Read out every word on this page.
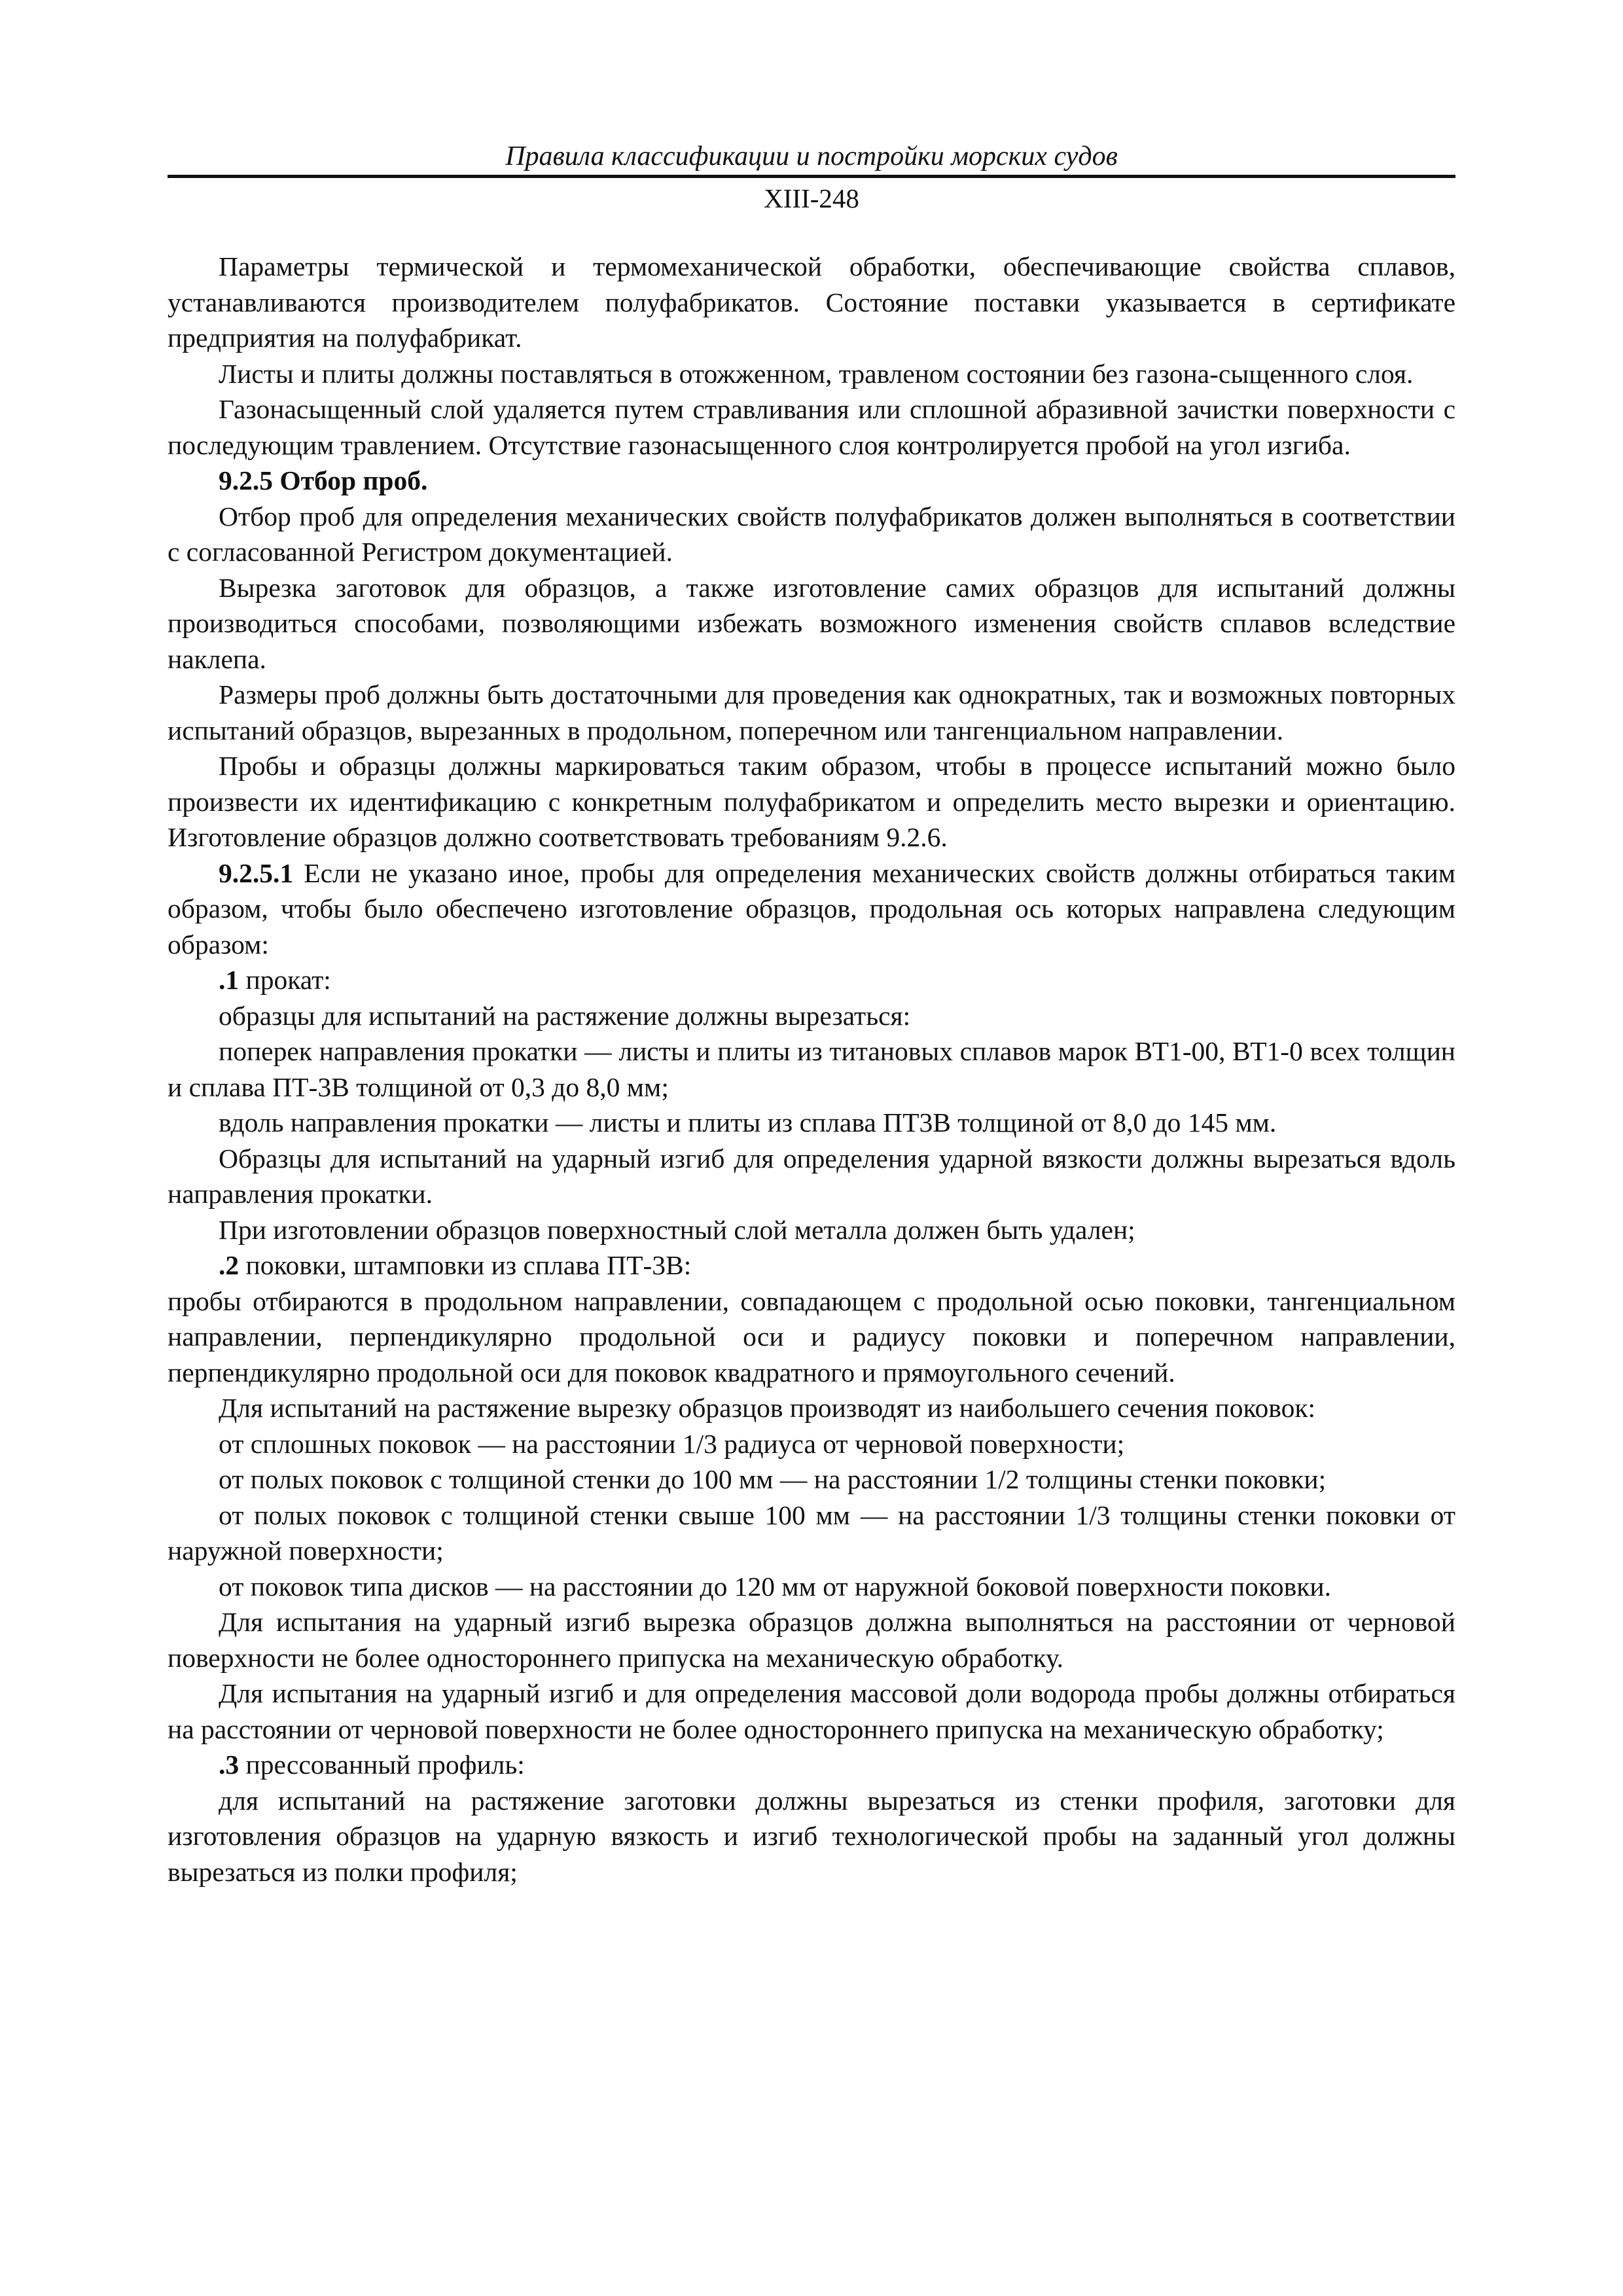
Правила классификации и постройки морских судов
XIII-248

Параметры термической и термомеханической обработки, обеспечивающие свойства сплавов, устанавливаются производителем полуфабрикатов. Состояние поставки указывается в сертификате предприятия на полуфабрикат.

Листы и плиты должны поставляться в отожженном, травленом состоянии без газона-сыщенного слоя.

Газонасыщенный слой удаляется путем стравливания или сплошной абразивной зачистки поверхности с последующим травлением. Отсутствие газонасыщенного слоя контролируется пробой на угол изгиба.

9.2.5 Отбор проб.

Отбор проб для определения механических свойств полуфабрикатов должен выполняться в соответствии с согласованной Регистром документацией.

Вырезка заготовок для образцов, а также изготовление самих образцов для испытаний должны производиться способами, позволяющими избежать возможного изменения свойств сплавов вследствие наклепа.

Размеры проб должны быть достаточными для проведения как однократных, так и возможных повторных испытаний образцов, вырезанных в продольном, поперечном или тангенциальном направлении.

Пробы и образцы должны маркироваться таким образом, чтобы в процессе испытаний можно было произвести их идентификацию с конкретным полуфабрикатом и определить место вырезки и ориентацию. Изготовление образцов должно соответствовать требованиям 9.2.6.

9.2.5.1 Если не указано иное, пробы для определения механических свойств должны отбираться таким образом, чтобы было обеспечено изготовление образцов, продольная ось которых направлена следующим образом:

.1 прокат:

образцы для испытаний на растяжение должны вырезаться:

поперек направления прокатки — листы и плиты из титановых сплавов марок ВТ1-00, ВТ1-0 всех толщин и сплава ПТ-3В толщиной от 0,3 до 8,0 мм;

вдоль направления прокатки — листы и плиты из сплава ПТ3В толщиной от 8,0 до 145 мм.

Образцы для испытаний на ударный изгиб для определения ударной вязкости должны вырезаться вдоль направления прокатки.

При изготовлении образцов поверхностный слой металла должен быть удален;

.2 поковки, штамповки из сплава ПТ-3В:

пробы отбираются в продольном направлении, совпадающем с продольной осью поковки, тангенциальном направлении, перпендикулярно продольной оси и радиусу поковки и поперечном направлении, перпендикулярно продольной оси для поковок квадратного и прямоугольного сечений.

Для испытаний на растяжение вырезку образцов производят из наибольшего сечения поковок:

от сплошных поковок — на расстоянии 1/3 радиуса от черновой поверхности;

от полых поковок с толщиной стенки до 100 мм — на расстоянии 1/2 толщины стенки поковки;

от полых поковок с толщиной стенки свыше 100 мм — на расстоянии 1/3 толщины стенки поковки от наружной поверхности;

от поковок типа дисков — на расстоянии до 120 мм от наружной боковой поверхности поковки.

Для испытания на ударный изгиб вырезка образцов должна выполняться на расстоянии от черновой поверхности не более одностороннего припуска на механическую обработку.

Для испытания на ударный изгиб и для определения массовой доли водорода пробы должны отбираться на расстоянии от черновой поверхности не более одностороннего припуска на механическую обработку;

.3 прессованный профиль:

для испытаний на растяжение заготовки должны вырезаться из стенки профиля, заготовки для изготовления образцов на ударную вязкость и изгиб технологической пробы на заданный угол должны вырезаться из полки профиля;
